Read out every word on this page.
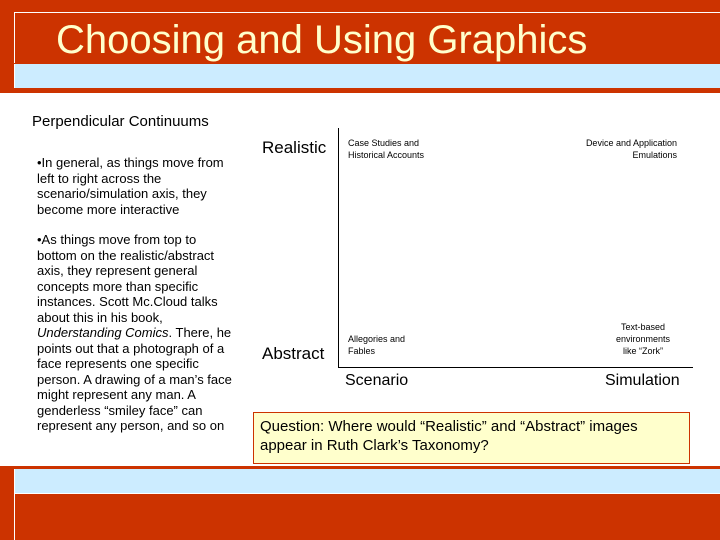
Choosing and Using Graphics
Perpendicular Continuums
•In general, as things move from left to right across the scenario/simulation axis, they become more interactive
•As things move from top to bottom on the realistic/abstract axis, they represent general concepts more than specific instances. Scott Mc.Cloud talks about this in his book, Understanding Comics. There, he points out that a photograph of a face represents one specific person. A drawing of a man’s face might represent any man. A genderless “smiley face” can represent any person, and so on
Realistic
Abstract
Scenario	Simulation
Case Studies and Historical Accounts
Device and Application Emulations
Allegories and Fables
Text-based environments like “Zork”
Question: Where would “Realistic” and “Abstract” images appear in Ruth Clark’s Taxonomy?
